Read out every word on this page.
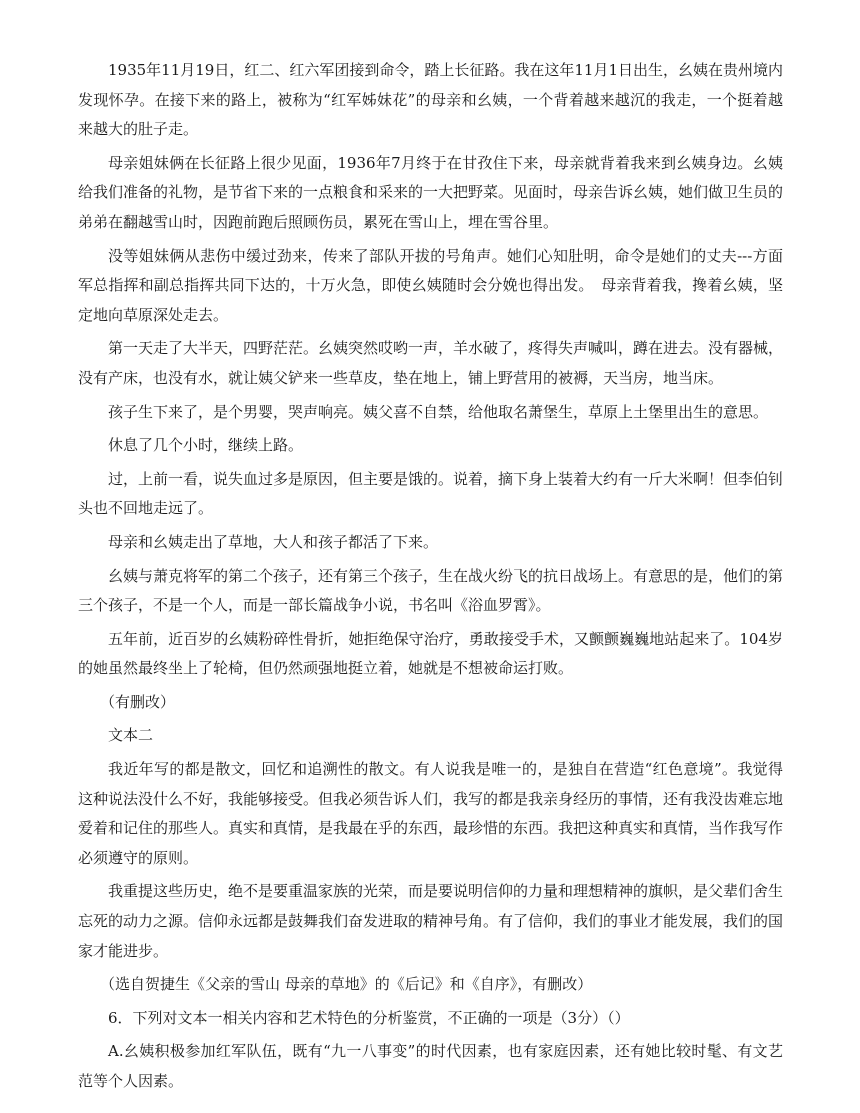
1935年11月19日，红二、红六军团接到命令，踏上长征路。我在这年11月1日出生，幺姨在贵州境内发现怀孕。在接下来的路上，被称为“红军姊妹花”的母亲和幺姨，一个背着越来越沉的我走，一个挺着越来越大的肚子走。

母亲姐妹俩在长征路上很少见面，1936年7月终于在甘孜住下来，母亲就背着我来到幺姨身边。幺姨给我们准备的礼物，是节省下来的一点粮食和采来的一大把野菜。见面时，母亲告诉幺姨，她们做卫生员的弟弟在翻越雪山时，因跑前跑后照顾伤员，累死在雪山上，埋在雪谷里。

没等姐妹俩从悲伤中缓过劲来，传来了部队开拔的号角声。她们心知肚明，命令是她们的丈夫---方面军总指挥和副总指挥共同下达的，十万火急，即使幺姨随时会分娩也得出发。　母亲背着我，搀着幺姨，坚定地向草原深处走去。

第一天走了大半天，四野茫茫。幺姨突然哎哟一声，羊水破了，疼得失声喊叫，蹲在进去。没有器械，没有产床，也没有水，就让姨父铲来一些草皮，垫在地上，铺上野营用的被褥，天当房，地当床。

孩子生下来了，是个男婴，哭声响亮。姨父喜不自禁，给他取名萧堡生，草原上土堡里出生的意思。

休息了几个小时，继续上路。

过，上前一看，说失血过多是原因，但主要是饿的。说着，摘下身上装着大约有一斤大米啊！但李伯钊头也不回地走远了。

母亲和幺姨走出了草地，大人和孩子都活了下来。

幺姨与萧克将军的第二个孩子，还有第三个孩子，生在战火纷飞的抗日战场上。有意思的是，他们的第三个孩子，不是一个人，而是一部长篇战争小说，书名叫《浴血罗霄》。

五年前，近百岁的幺姨粉碎性骨折，她拒绝保守治疗，勇敢接受手术，又颤颤巍巍地站起来了。104岁的她虽然最终坐上了轮椅，但仍然顽强地挺立着，她就是不想被命运打败。

（有删改）

文本二

我近年写的都是散文，回忆和追溯性的散文。有人说我是唯一的，是独自在营造“红色意境”。我觉得这种说法没什么不好，我能够接受。但我必须告诉人们，我写的都是我亲身经历的事情，还有我没齿难忘地爱着和记住的那些人。真实和真情，是我最在乎的东西，最珍惜的东西。我把这种真实和真情，当作我写作必须遵守的原则。

我重提这些历史，绝不是要重温家族的光荣，而是要说明信仰的力量和理想精神的旗帜，是父辈们舍生忘死的动力之源。信仰永远都是鼓舞我们奋发进取的精神号角。有了信仰，我们的事业才能发展，我们的国家才能进步。

（选自贺捷生《父亲的雪山 母亲的草地》的《后记》和《自序》，有删改）

6．下列对文本一相关内容和艺术特色的分析鉴赏，不正确的一项是（3分）（）

A.幺姨积极参加红军队伍，既有“九一八事变”的时代因素，也有家庭因素，还有她比较时髦、有文艺范等个人因素。
